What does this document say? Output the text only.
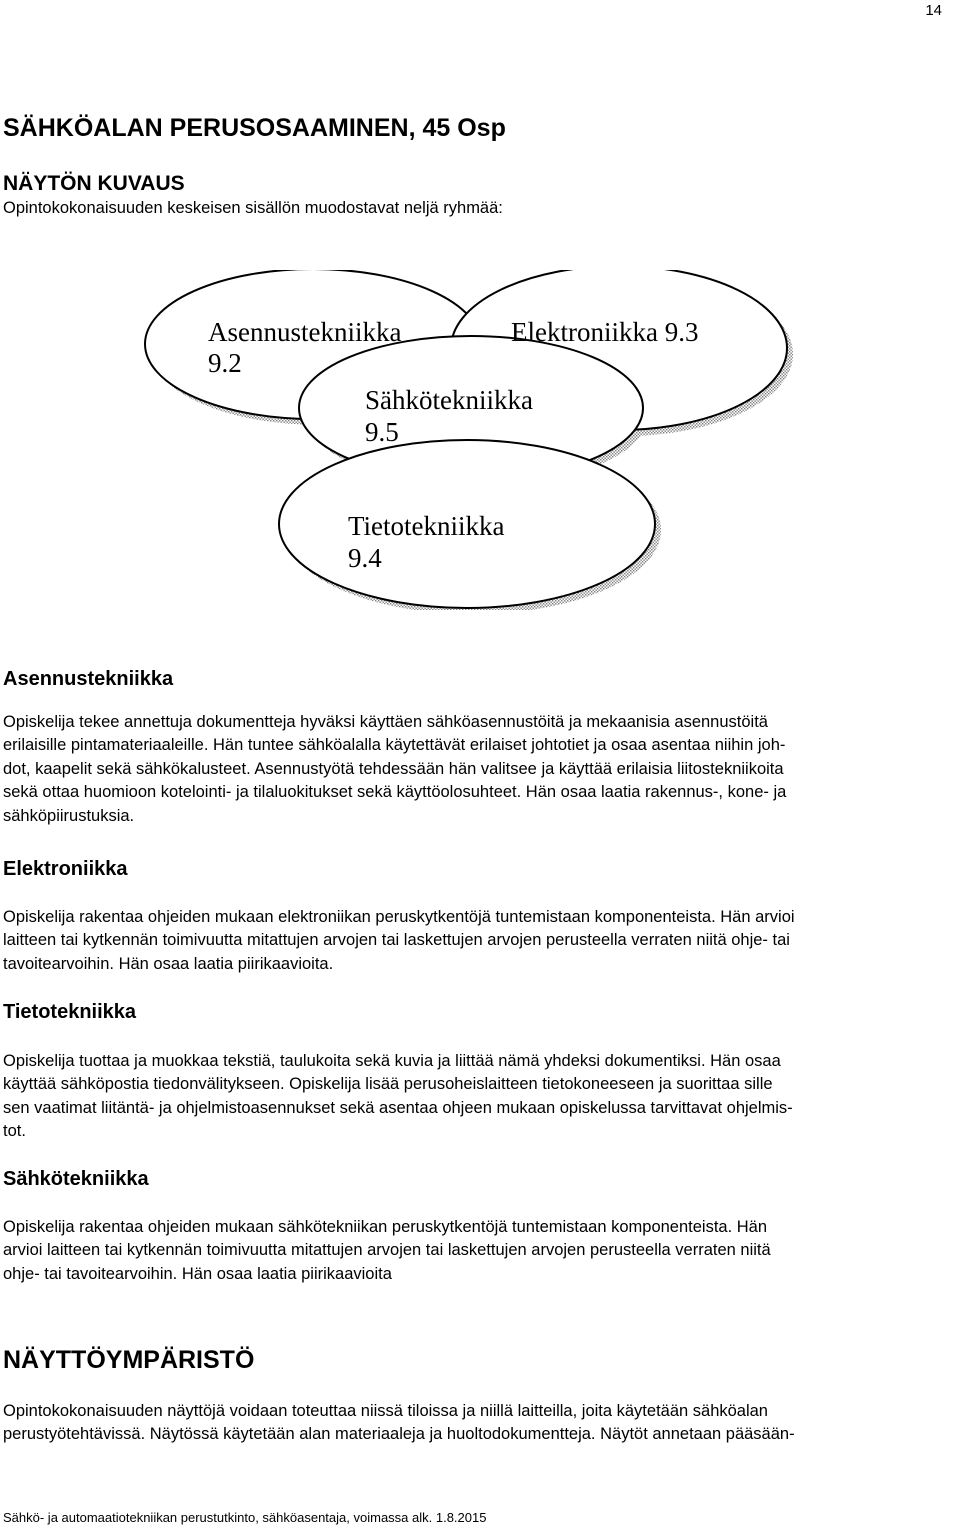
14
SÄHKÖALAN PERUSOSAAMINEN, 45 Osp
NÄYTÖN KUVAUS

Opintokokonaisuuden keskeisen sisällön muodostavat neljä ryhmää:

Asennustekniikka
9.2
Elektroniikka 9.3
Sähkötekniikka
9.5
Tietotekniikka
9.4
Asennustekniikka

Opiskelija tekee annettuja dokumentteja hyväksi käyttäen sähköasennustöitä ja mekaanisia asennustöitä
erilaisille pintamateriaaleille. Hän tuntee sähköalalla käytettävät erilaiset johtotiet ja osaa asentaa niihin joh-
dot, kaapelit sekä sähkökalusteet. Asennustyötä tehdessään hän valitsee ja käyttää erilaisia liitostekniikoita
sekä ottaa huomioon kotelointi- ja tilaluokitukset sekä käyttöolosuhteet. Hän osaa laatia rakennus-, kone- ja
sähköpiirustuksia.

Elektroniikka

Opiskelija rakentaa ohjeiden mukaan elektroniikan peruskytkentöjä tuntemistaan komponenteista. Hän arvioi
laitteen tai kytkennän toimivuutta mitattujen arvojen tai laskettujen arvojen perusteella verraten niitä ohje- tai
tavoitearvoihin. Hän osaa laatia piirikaavioita.

Tietotekniikka

Opiskelija tuottaa ja muokkaa tekstiä, taulukoita sekä kuvia ja liittää nämä yhdeksi dokumentiksi. Hän osaa
käyttää sähköpostia tiedonvälitykseen. Opiskelija lisää perusoheislaitteen tietokoneeseen ja suorittaa sille
sen vaatimat liitäntä- ja ohjelmistoasennukset sekä asentaa ohjeen mukaan opiskelussa tarvittavat ohjelmis-
tot.

Sähkötekniikka

Opiskelija rakentaa ohjeiden mukaan sähkötekniikan peruskytkentöjä tuntemistaan komponenteista. Hän
arvioi laitteen tai kytkennän toimivuutta mitattujen arvojen tai laskettujen arvojen perusteella verraten niitä
ohje- tai tavoitearvoihin. Hän osaa laatia piirikaavioita

NÄYTTÖYMPÄRISTÖ

Opintokokonaisuuden näyttöjä voidaan toteuttaa niissä tiloissa ja niillä laitteilla, joita käytetään sähköalan
perustyötehtävissä. Näytössä käytetään alan materiaaleja ja huoltodokumentteja. Näytöt annetaan pääsään-

Sähkö- ja automaatiotekniikan perustutkinto, sähköasentaja, voimassa alk. 1.8.2015
